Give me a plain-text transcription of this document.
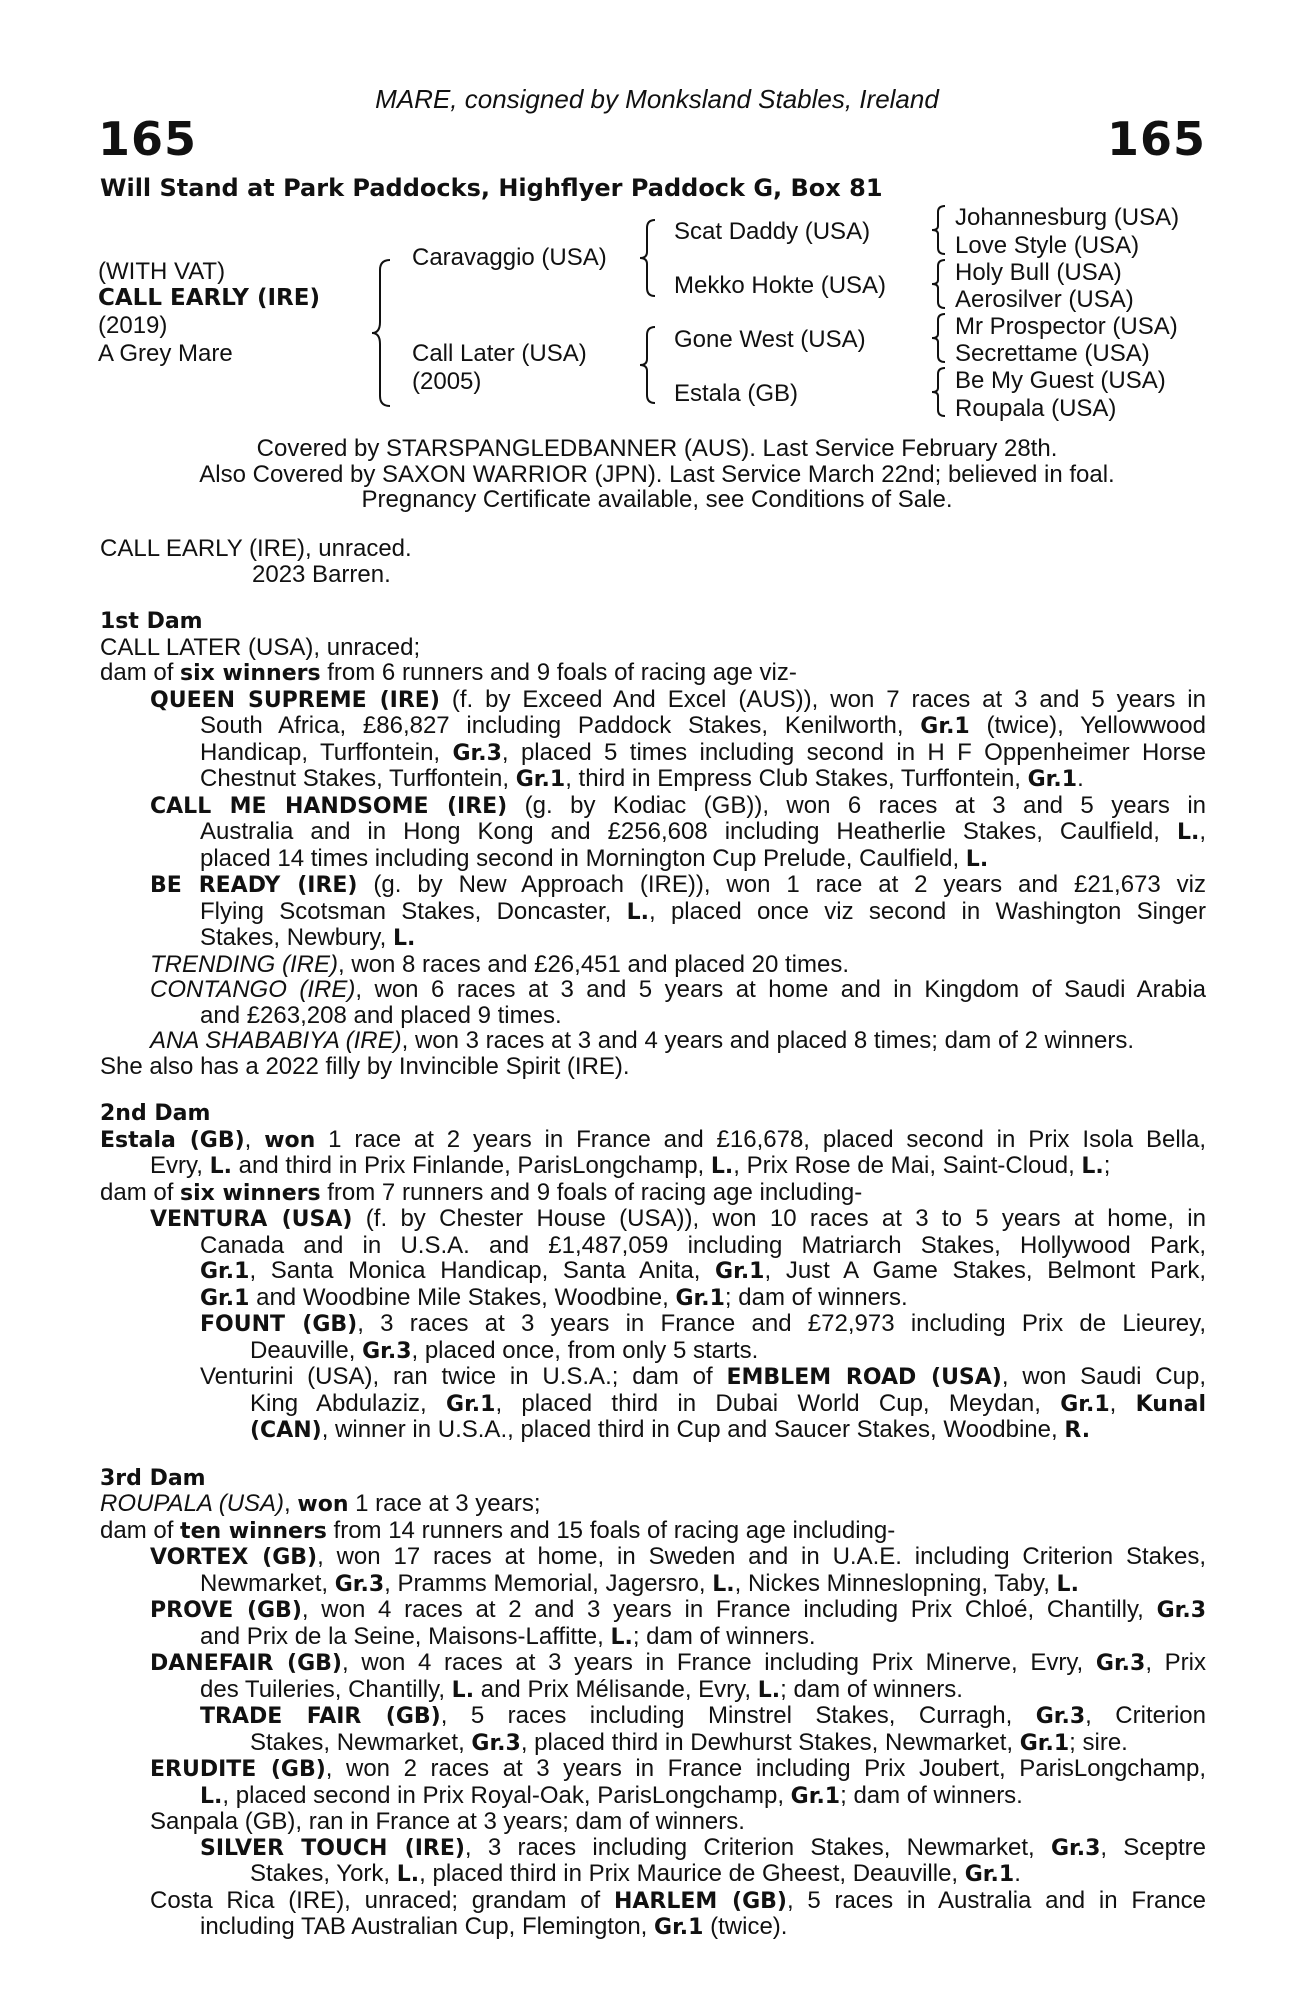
MARE, consigned by Monksland Stables, Ireland
165	165
Will Stand at Park Paddocks, Highflyer Paddock G, Box 81
(WITH VAT)
CALL EARLY (IRE)
(2019)
A Grey Mare
Caravaggio (USA)
Call Later (USA)
(2005)
Scat Daddy (USA)
Mekko Hokte (USA)
Gone West (USA)
Estala (GB)
Johannesburg (USA)
Love Style (USA)
Holy Bull (USA)
Aerosilver (USA)
Mr Prospector (USA)
Secrettame (USA)
Be My Guest (USA)
Roupala (USA)
Covered by STARSPANGLEDBANNER (AUS). Last Service February 28th.
Also Covered by SAXON WARRIOR (JPN). Last Service March 22nd; believed in foal.
Pregnancy Certificate available, see Conditions of Sale.
CALL EARLY (IRE), unraced.
2023 Barren.
1st Dam
CALL LATER (USA), unraced;
dam of six winners from 6 runners and 9 foals of racing age viz-
QUEEN SUPREME (IRE) (f. by Exceed And Excel (AUS)), won 7 races at 3 and 5 years in
South Africa, £86,827 including Paddock Stakes, Kenilworth, Gr.1 (twice), Yellowwood
Handicap, Turffontein, Gr.3, placed 5 times including second in H F Oppenheimer Horse
Chestnut Stakes, Turffontein, Gr.1, third in Empress Club Stakes, Turffontein, Gr.1.
CALL ME HANDSOME (IRE) (g. by Kodiac (GB)), won 6 races at 3 and 5 years in
Australia and in Hong Kong and £256,608 including Heatherlie Stakes, Caulfield, L.,
placed 14 times including second in Mornington Cup Prelude, Caulfield, L.
BE READY (IRE) (g. by New Approach (IRE)), won 1 race at 2 years and £21,673 viz
Flying Scotsman Stakes, Doncaster, L., placed once viz second in Washington Singer
Stakes, Newbury, L.
TRENDING (IRE), won 8 races and £26,451 and placed 20 times.
CONTANGO (IRE), won 6 races at 3 and 5 years at home and in Kingdom of Saudi Arabia
and £263,208 and placed 9 times.
ANA SHABABIYA (IRE), won 3 races at 3 and 4 years and placed 8 times; dam of 2 winners.
She also has a 2022 filly by Invincible Spirit (IRE).
2nd Dam
Estala (GB), won 1 race at 2 years in France and £16,678, placed second in Prix Isola Bella,
Evry, L. and third in Prix Finlande, ParisLongchamp, L., Prix Rose de Mai, Saint-Cloud, L.;
dam of six winners from 7 runners and 9 foals of racing age including-
VENTURA (USA) (f. by Chester House (USA)), won 10 races at 3 to 5 years at home, in
Canada and in U.S.A. and £1,487,059 including Matriarch Stakes, Hollywood Park,
Gr.1, Santa Monica Handicap, Santa Anita, Gr.1, Just A Game Stakes, Belmont Park,
Gr.1 and Woodbine Mile Stakes, Woodbine, Gr.1; dam of winners.
FOUNT (GB), 3 races at 3 years in France and £72,973 including Prix de Lieurey,
Deauville, Gr.3, placed once, from only 5 starts.
Venturini (USA), ran twice in U.S.A.; dam of EMBLEM ROAD (USA), won Saudi Cup,
King Abdulaziz, Gr.1, placed third in Dubai World Cup, Meydan, Gr.1, Kunal
(CAN), winner in U.S.A., placed third in Cup and Saucer Stakes, Woodbine, R.
3rd Dam
ROUPALA (USA), won 1 race at 3 years;
dam of ten winners from 14 runners and 15 foals of racing age including-
VORTEX (GB), won 17 races at home, in Sweden and in U.A.E. including Criterion Stakes,
Newmarket, Gr.3, Pramms Memorial, Jagersro, L., Nickes Minneslopning, Taby, L.
PROVE (GB), won 4 races at 2 and 3 years in France including Prix Chloé, Chantilly, Gr.3
and Prix de la Seine, Maisons-Laffitte, L.; dam of winners.
DANEFAIR (GB), won 4 races at 3 years in France including Prix Minerve, Evry, Gr.3, Prix
des Tuileries, Chantilly, L. and Prix Mélisande, Evry, L.; dam of winners.
TRADE FAIR (GB), 5 races including Minstrel Stakes, Curragh, Gr.3, Criterion
Stakes, Newmarket, Gr.3, placed third in Dewhurst Stakes, Newmarket, Gr.1; sire.
ERUDITE (GB), won 2 races at 3 years in France including Prix Joubert, ParisLongchamp,
L., placed second in Prix Royal-Oak, ParisLongchamp, Gr.1; dam of winners.
Sanpala (GB), ran in France at 3 years; dam of winners.
SILVER TOUCH (IRE), 3 races including Criterion Stakes, Newmarket, Gr.3, Sceptre
Stakes, York, L., placed third in Prix Maurice de Gheest, Deauville, Gr.1.
Costa Rica (IRE), unraced; grandam of HARLEM (GB), 5 races in Australia and in France
including TAB Australian Cup, Flemington, Gr.1 (twice).
